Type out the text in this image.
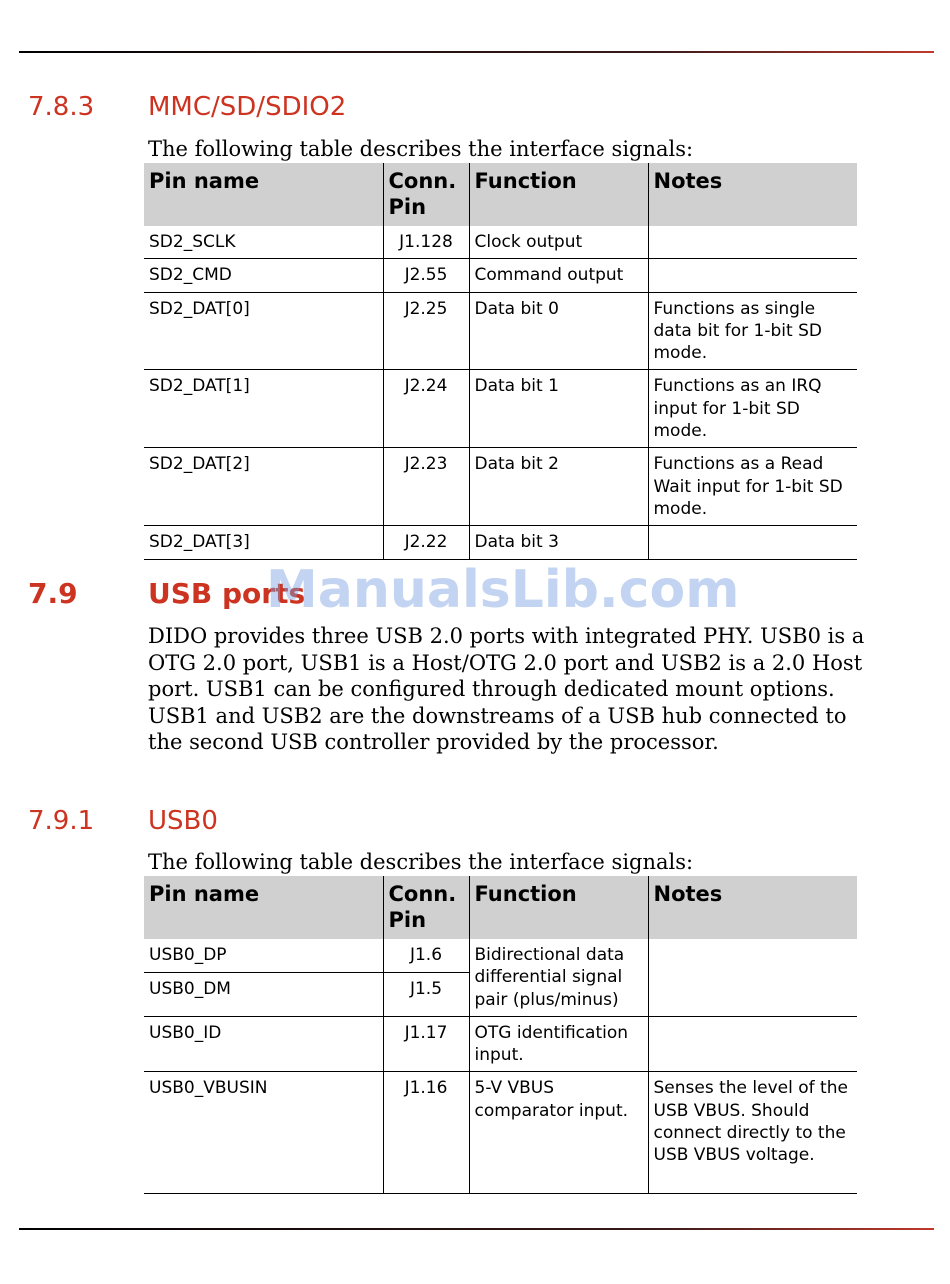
7.8.3 MMC/SD/SDIO2
The following table describes the interface signals:
Pin name	Conn. Pin	Function	Notes
SD2_SCLK	J1.128	Clock output	
SD2_CMD	J2.55	Command output	
SD2_DAT[0]	J2.25	Data bit 0	Functions as single data bit for 1-bit SD mode.
SD2_DAT[1]	J2.24	Data bit 1	Functions as an IRQ input for 1-bit SD mode.
SD2_DAT[2]	J2.23	Data bit 2	Functions as a Read Wait input for 1-bit SD mode.
SD2_DAT[3]	J2.22	Data bit 3	
7.9	USB ports
ManualsLib.com
DIDO provides three USB 2.0 ports with integrated PHY. USB0 is a OTG 2.0 port, USB1 is a Host/OTG 2.0 port and USB2 is a 2.0 Host port. USB1 can be configured through dedicated mount options. USB1 and USB2 are the downstreams of a USB hub connected to the second USB controller provided by the processor.
7.9.1 USB0
The following table describes the interface signals:
Pin name	Conn. Pin	Function	Notes
USB0_DP	J1.6	Bidirectional data differential signal pair (plus/minus)	
USB0_DM	J1.5		
USB0_ID	J1.17	OTG identification input.	
USB0_VBUSIN	J1.16	5-V VBUS comparator input.	Senses the level of the USB VBUS. Should connect directly to the USB VBUS voltage.
